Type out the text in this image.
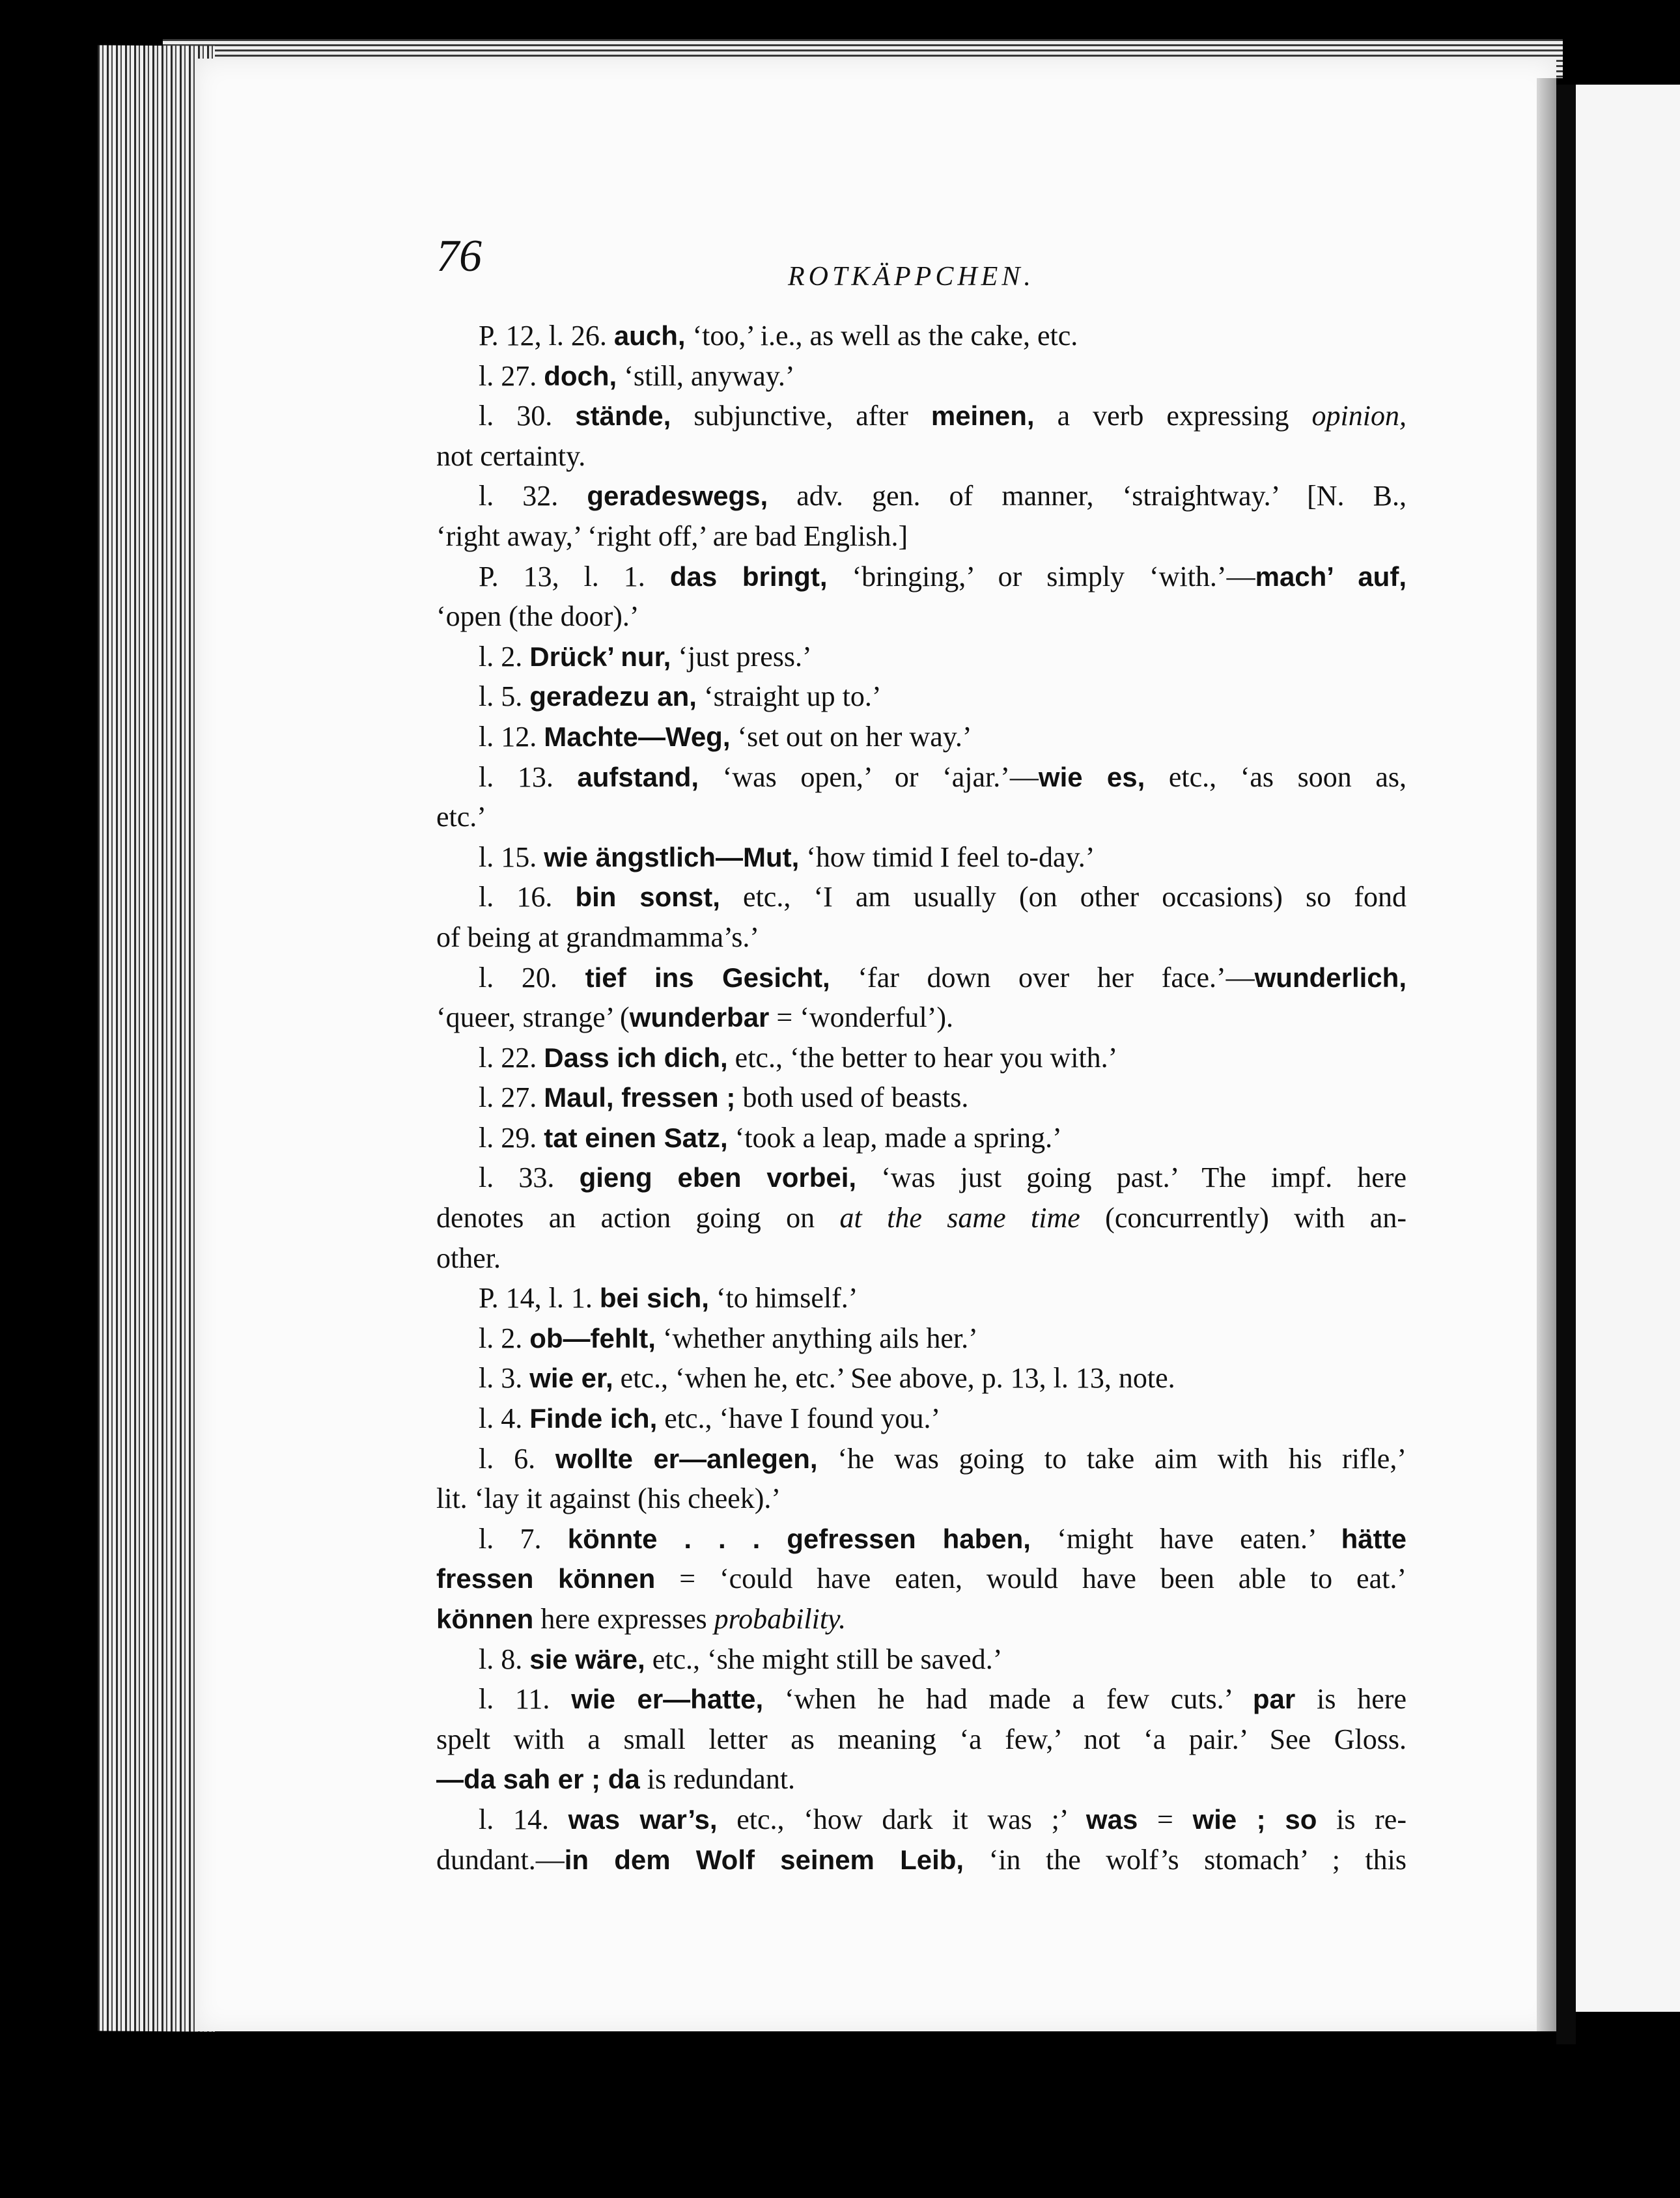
76	ROTKÄPPCHEN.
P. 12, l. 26. auch, ‘too,’ i.e., as well as the cake, etc.
l. 27. doch, ‘still, anyway.’
l. 30. stände, subjunctive, after meinen, a verb expressing opinion,
not certainty.
l. 32. geradeswegs, adv. gen. of manner, ‘straightway.’ [N. B.,
‘right away,’ ‘right off,’ are bad English.]
P. 13, l. 1. das bringt, ‘bringing,’ or simply ‘with.’—mach’ auf,
‘open (the door).’
l. 2. Drück’ nur, ‘just press.’
l. 5. geradezu an, ‘straight up to.’
l. 12. Machte—Weg, ‘set out on her way.’
l. 13. aufstand, ‘was open,’ or ‘ajar.’—wie es, etc., ‘as soon as,
etc.’
l. 15. wie ängstlich—Mut, ‘how timid I feel to-day.’
l. 16. bin sonst, etc., ‘I am usually (on other occasions) so fond
of being at grandmamma’s.’
l. 20. tief ins Gesicht, ‘far down over her face.’—wunderlich,
‘queer, strange’ (wunderbar = ‘wonderful’).
l. 22. Dass ich dich, etc., ‘the better to hear you with.’
l. 27. Maul, fressen ; both used of beasts.
l. 29. tat einen Satz, ‘took a leap, made a spring.’
l. 33. gieng eben vorbei, ‘was just going past.’ The impf. here
denotes an action going on at the same time (concurrently) with an-
other.
P. 14, l. 1. bei sich, ‘to himself.’
l. 2. ob—fehlt, ‘whether anything ails her.’
l. 3. wie er, etc., ‘when he, etc.’ See above, p. 13, l. 13, note.
l. 4. Finde ich, etc., ‘have I found you.’
l. 6. wollte er—anlegen, ‘he was going to take aim with his rifle,’
lit. ‘lay it against (his cheek).’
l. 7. könnte . . . gefressen haben, ‘might have eaten.’ hätte
fressen können = ‘could have eaten, would have been able to eat.’
können here expresses probability.
l. 8. sie wäre, etc., ‘she might still be saved.’
l. 11. wie er—hatte, ‘when he had made a few cuts.’ par is here
spelt with a small letter as meaning ‘a few,’ not ‘a pair.’ See Gloss.
—da sah er ; da is redundant.
l. 14. was war’s, etc., ‘how dark it was ;’ was = wie ; so is re-
dundant.—in dem Wolf seinem Leib, ‘in the wolf’s stomach’ ; this
